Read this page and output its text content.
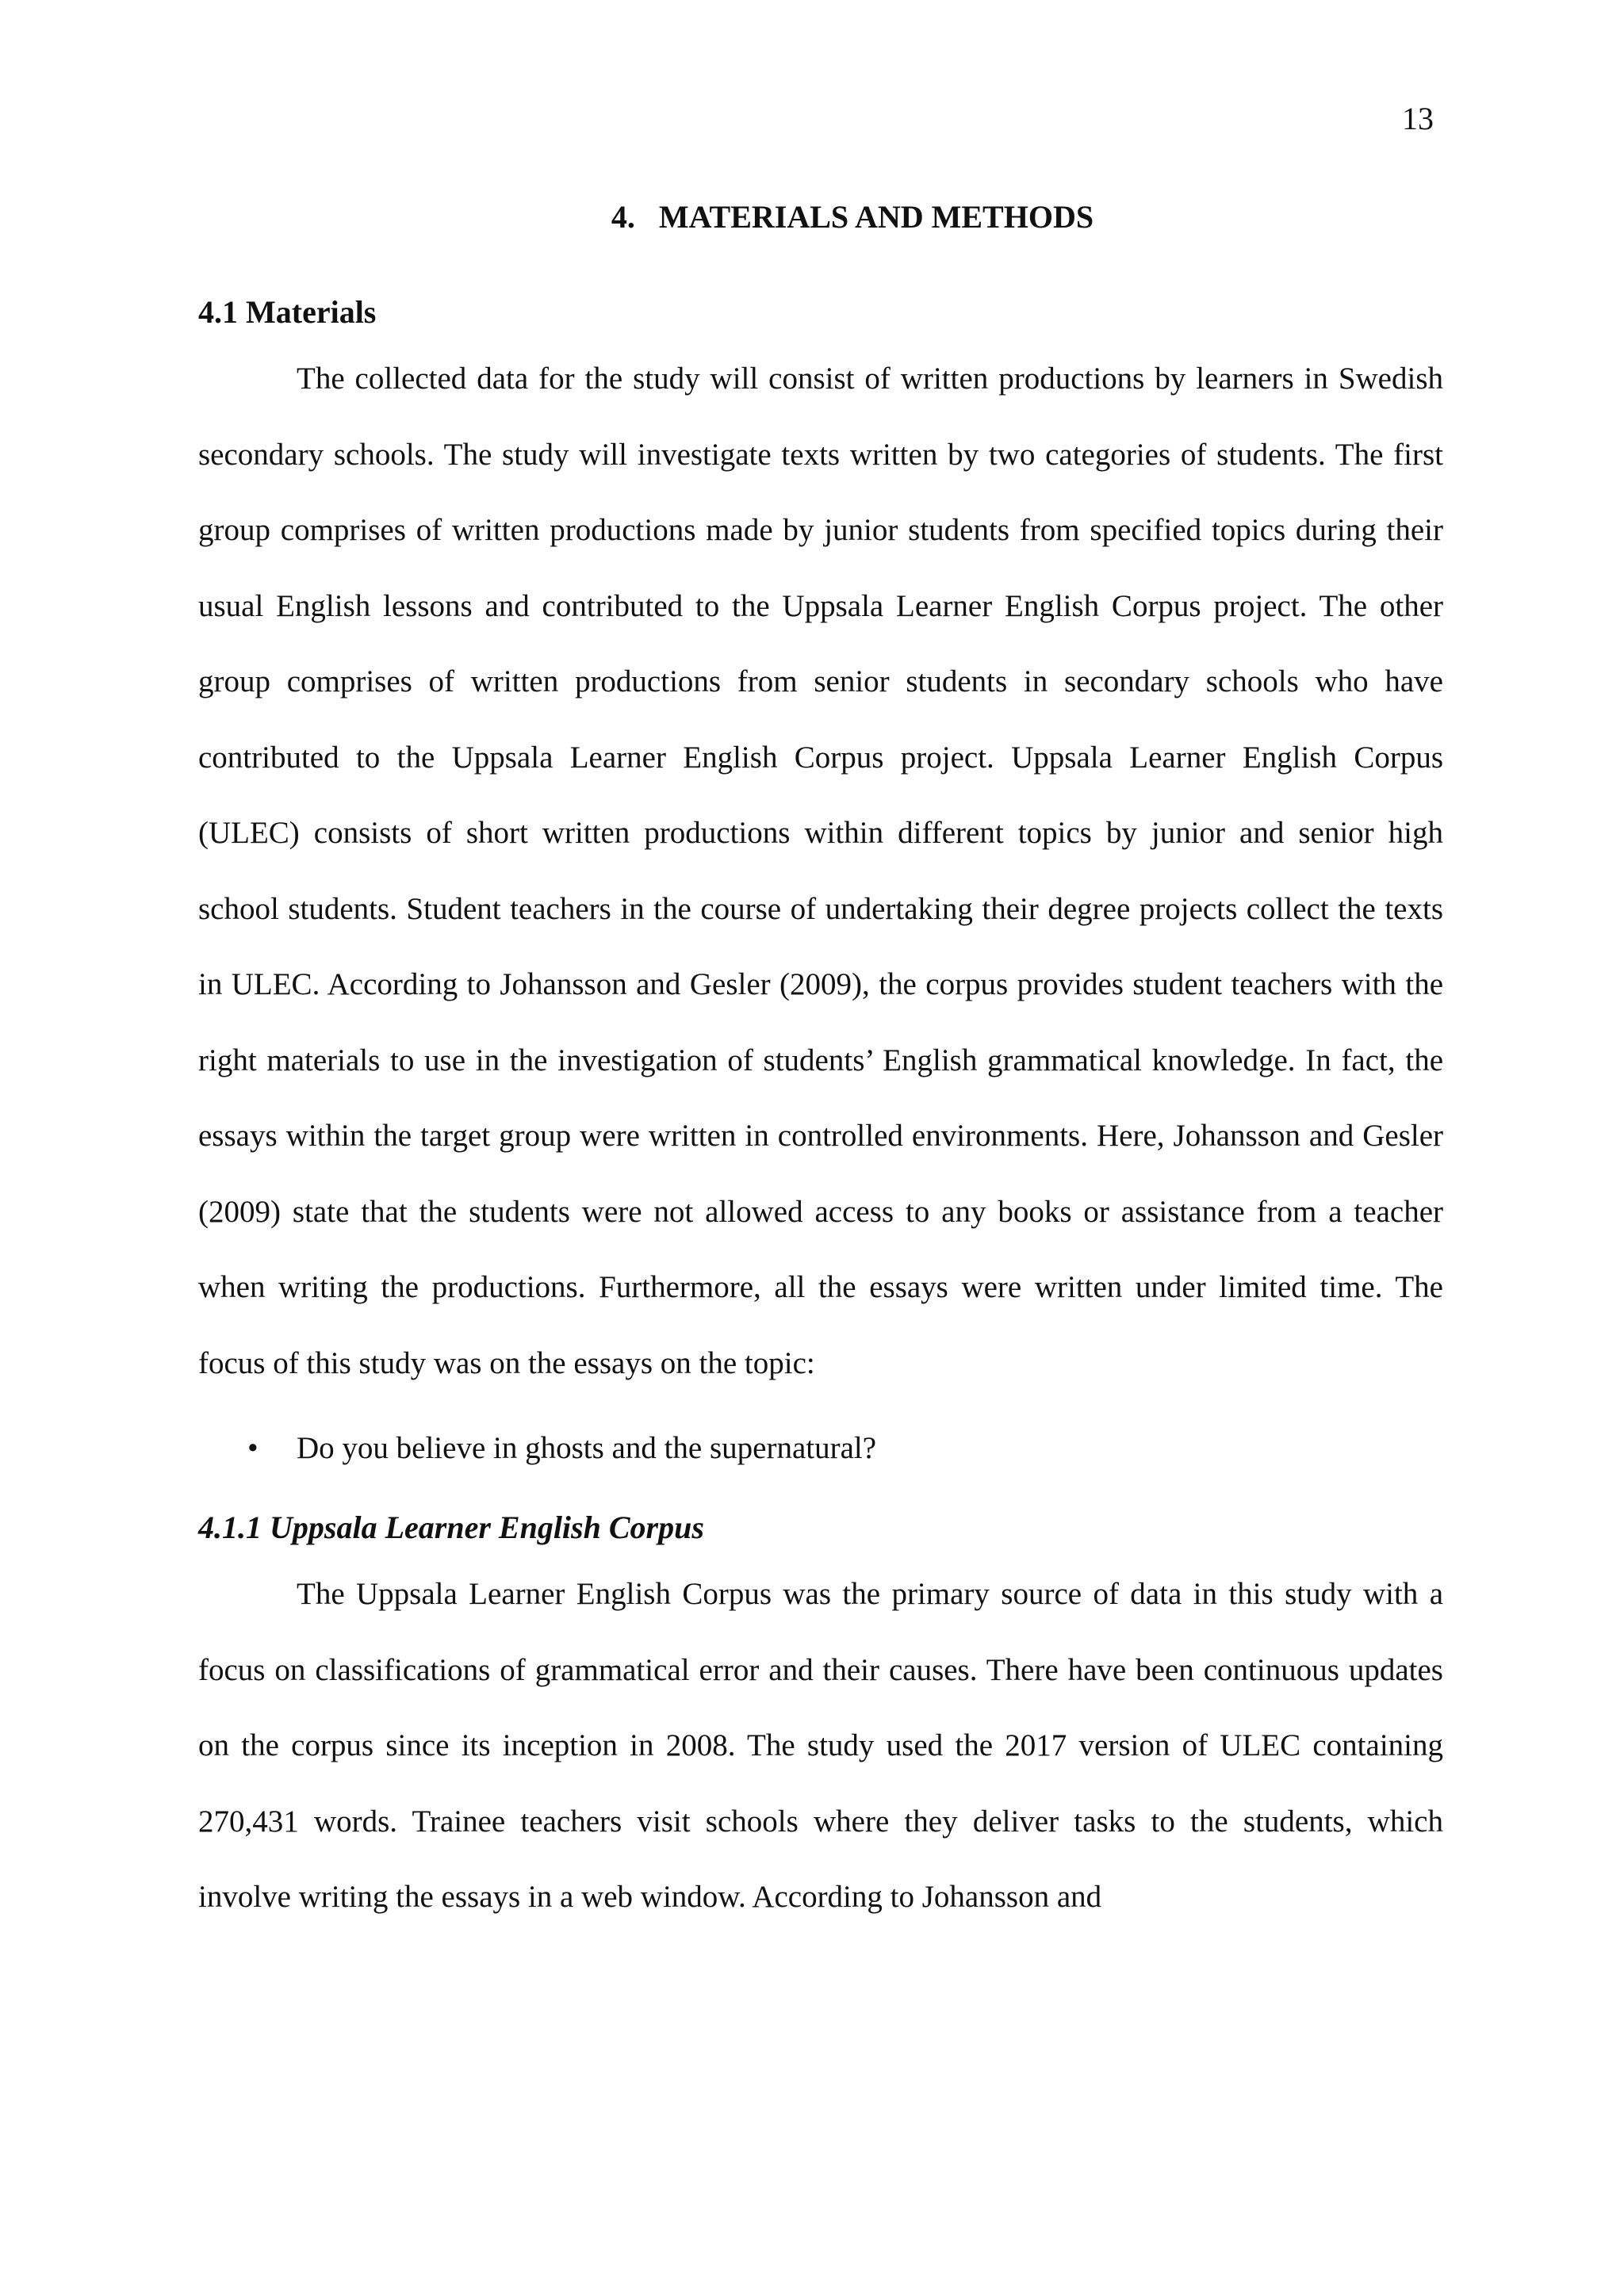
13
4. MATERIALS AND METHODS
4.1 Materials

The collected data for the study will consist of written productions by learners in Swedish secondary schools. The study will investigate texts written by two categories of students. The first group comprises of written productions made by junior students from specified topics during their usual English lessons and contributed to the Uppsala Learner English Corpus project. The other group comprises of written productions from senior students in secondary schools who have contributed to the Uppsala Learner English Corpus project. Uppsala Learner English Corpus (ULEC) consists of short written productions within different topics by junior and senior high school students. Student teachers in the course of undertaking their degree projects collect the texts in ULEC. According to Johansson and Gesler (2009), the corpus provides student teachers with the right materials to use in the investigation of students’ English grammatical knowledge. In fact, the essays within the target group were written in controlled environments. Here, Johansson and Gesler (2009) state that the students were not allowed access to any books or assistance from a teacher when writing the productions. Furthermore, all the essays were written under limited time. The focus of this study was on the essays on the topic:

• Do you believe in ghosts and the supernatural?
4.1.1 Uppsala Learner English Corpus

The Uppsala Learner English Corpus was the primary source of data in this study with a focus on classifications of grammatical error and their causes. There have been continuous updates on the corpus since its inception in 2008. The study used the 2017 version of ULEC containing 270,431 words. Trainee teachers visit schools where they deliver tasks to the students, which involve writing the essays in a web window. According to Johansson and
